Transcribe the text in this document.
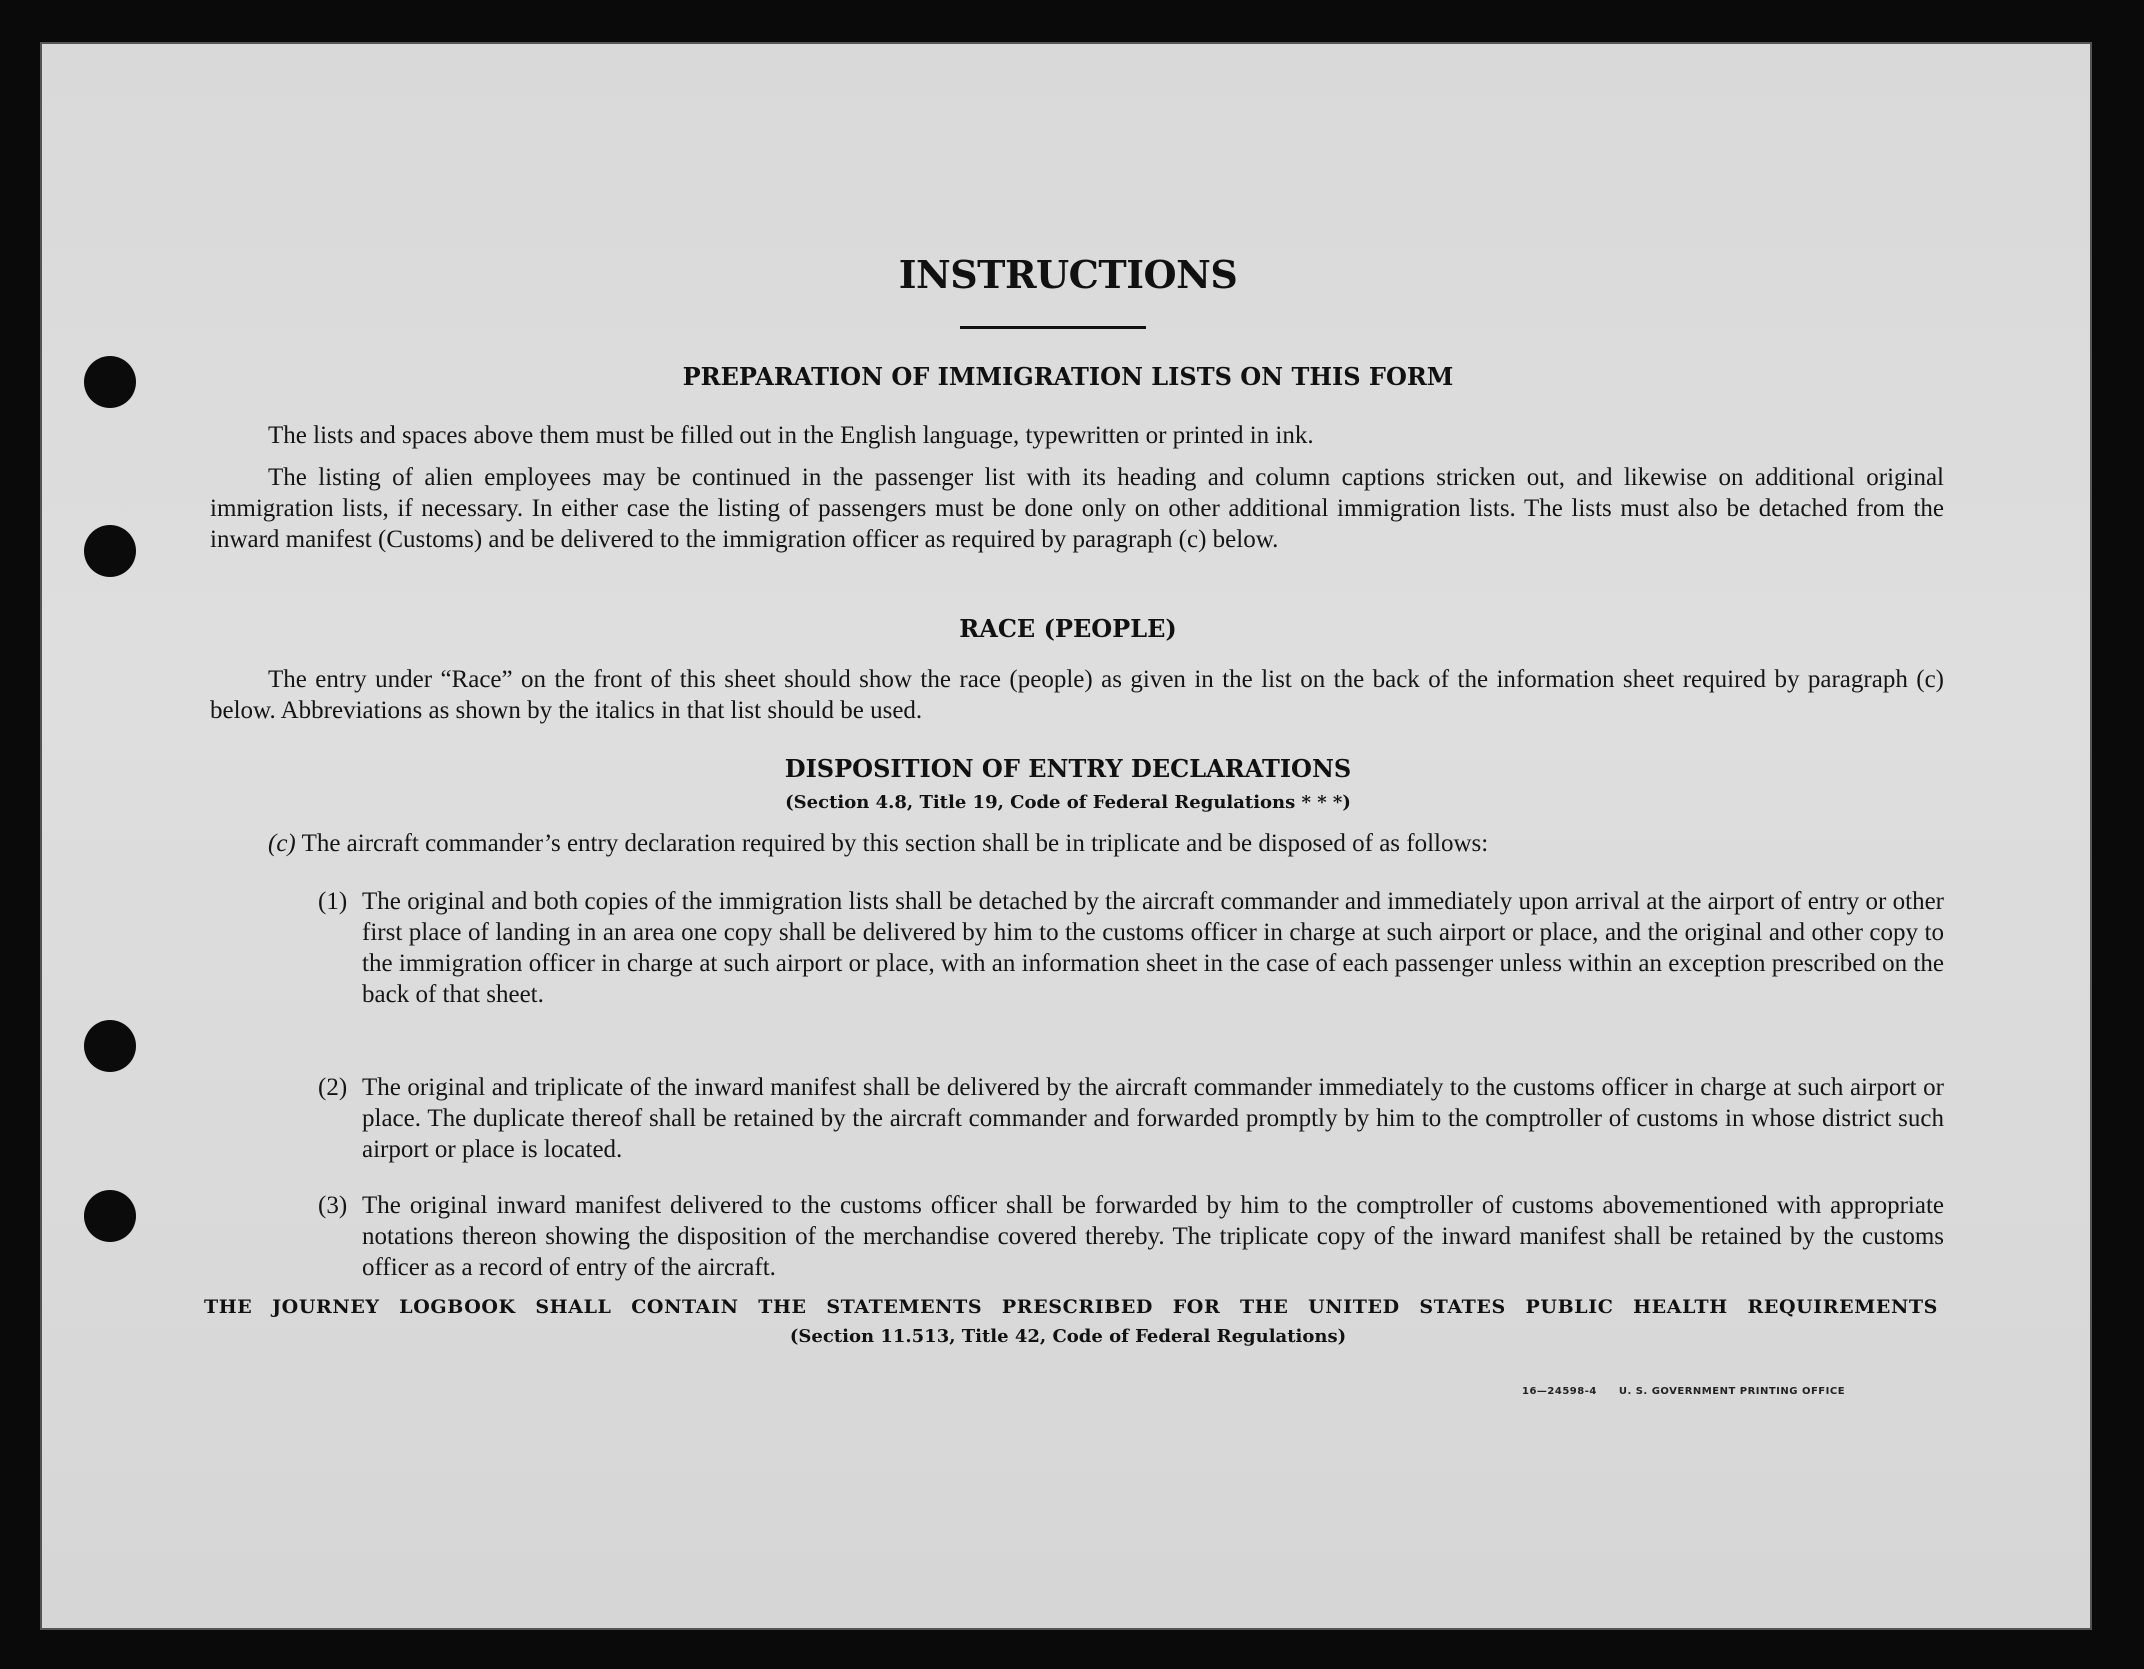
INSTRUCTIONS
PREPARATION OF IMMIGRATION LISTS ON THIS FORM
The lists and spaces above them must be filled out in the English language, typewritten or printed in ink.
The listing of alien employees may be continued in the passenger list with its heading and column captions stricken out, and likewise on additional original immigration lists, if necessary. In either case the listing of passengers must be done only on other additional immigration lists. The lists must also be detached from the inward manifest (Customs) and be delivered to the immigration officer as required by paragraph (c) below.
RACE (PEOPLE)
The entry under “Race” on the front of this sheet should show the race (people) as given in the list on the back of the information sheet required by paragraph (c) below. Abbreviations as shown by the italics in that list should be used.
DISPOSITION OF ENTRY DECLARATIONS
(Section 4.8, Title 19, Code of Federal Regulations * * *)
(c) The aircraft commander’s entry declaration required by this section shall be in triplicate and be disposed of as follows:
(1) The original and both copies of the immigration lists shall be detached by the aircraft commander and immediately upon arrival at the airport of entry or other first place of landing in an area one copy shall be delivered by him to the customs officer in charge at such airport or place, and the original and other copy to the immigration officer in charge at such airport or place, with an information sheet in the case of each passenger unless within an exception prescribed on the back of that sheet.
(2) The original and triplicate of the inward manifest shall be delivered by the aircraft commander immediately to the customs officer in charge at such airport or place. The duplicate thereof shall be retained by the aircraft commander and forwarded promptly by him to the comptroller of customs in whose district such airport or place is located.
(3) The original inward manifest delivered to the customs officer shall be forwarded by him to the comptroller of customs abovementioned with appropriate notations thereon showing the disposition of the merchandise covered thereby. The triplicate copy of the inward manifest shall be retained by the customs officer as a record of entry of the aircraft.
THE JOURNEY LOGBOOK SHALL CONTAIN THE STATEMENTS PRESCRIBED FOR THE UNITED STATES PUBLIC HEALTH REQUIREMENTS
(Section 11.513, Title 42, Code of Federal Regulations)
16—24598-4 U. S. GOVERNMENT PRINTING OFFICE
